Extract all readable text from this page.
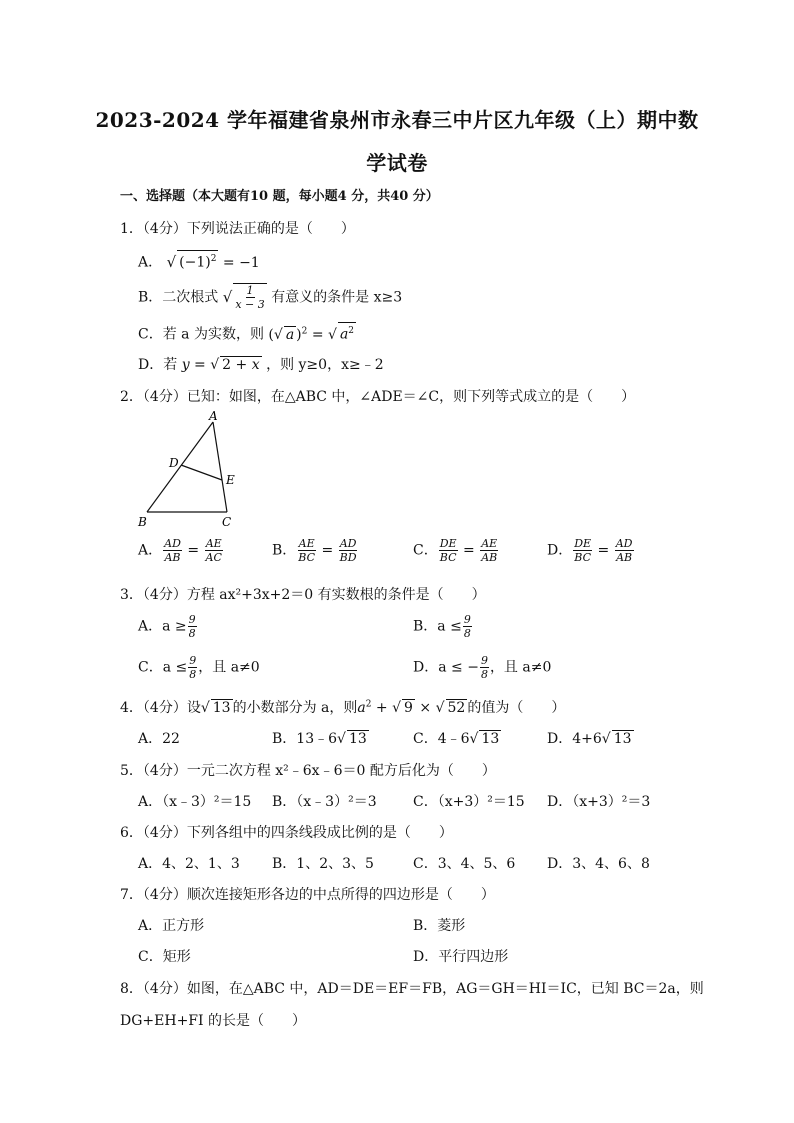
2023-2024 学年福建省泉州市永春三中片区九年级（上）期中数
学试卷
一、选择题（本大题有10 题，每小题4 分，共40 分）
1．（4分）下列说法正确的是（　　）
A． √ $(-1)^2 = -1$
B．二次根式 √ $\frac{1}{x - 3}$ 有意义的条件是 x≥3
C．若 a 为实数，则 (√ a )$^2$ = √ $a^2$
D．若 y = √ 2 + x ，则 y≥0，x≥﹣2
2．（4分）已知：如图，在△ABC 中，∠ADE＝∠C，则下列等式成立的是（　　）
A
D
E
B	C
A． $\frac{AD}{AB} = \frac{AE}{AC}$	B． $\frac{AE}{BC} = \frac{AD}{BD}$	C． $\frac{DE}{BC} = \frac{AE}{AB}$	D． $\frac{DE}{BC} = \frac{AD}{AB}$
3．（4分）方程 ax²+3x+2＝0 有实数根的条件是（　　）
A．$a \ge \frac{9}{8}$	B．$a \le \frac{9}{8}$
C．$a \le \frac{9}{8}$ ，且 a≠0	D．a ≤ − $\frac{9}{8}$ ，且 a≠0
4．（4分）设√ 13 的小数部分为 a，则$a^2$ + √ 9 × √ 52 的值为（　　）
A．22	B．13﹣6√ 13	C．4﹣6√ 13	D．4+6√ 13
5．（4分）一元二次方程 x²﹣6x﹣6＝0 配方后化为（　　）
A．（x﹣3）²＝15 B．（x﹣3）²＝3	C．（x+3）²＝15 D．（x+3）²＝3
6．（4分）下列各组中的四条线段成比例的是（　　）
A．4、2、1、3 B．1、2、3、5	C．3、4、5、6 D．3、4、6、8
7．（4分）顺次连接矩形各边的中点所得的四边形是（　　）
A．正方形	B．菱形
C．矩形	D．平行四边形
8．（4分）如图，在△ABC 中，AD＝DE＝EF＝FB，AG＝GH＝HI＝IC，已知 BC＝2a，则
DG+EH+FI 的长是（　　）
